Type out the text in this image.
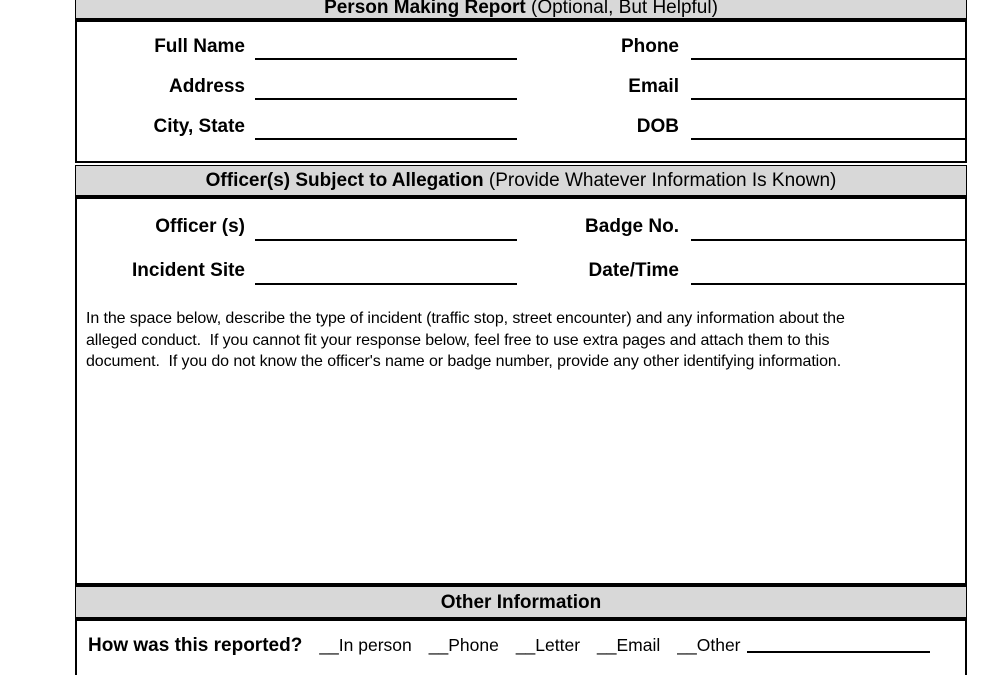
Person Making Report (Optional, But Helpful)
Full Name	Phone
Address	Email
City, State	DOB
Officer(s) Subject to Allegation (Provide Whatever Information Is Known)
Officer (s)	Badge No.
Incident Site	Date/Time
In the space below, describe the type of incident (traffic stop, street encounter) and any information about the
alleged conduct.  If you cannot fit your response below, feel free to use extra pages and attach them to this
document.  If you do not know the officer's name or badge number, provide any other identifying information.
Other Information
How was this reported? __In person __Phone __Letter __Email __Other
